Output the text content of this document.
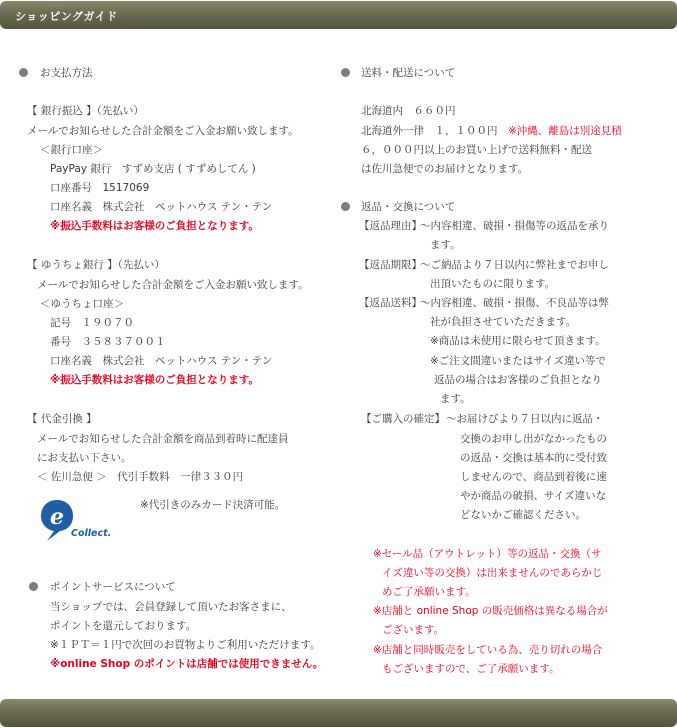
ショッピングガイド
お支払方法
【 銀行振込 】（先払い）
メールでお知らせした合計金額をご入金お願い致します。
＜銀行口座＞
PayPay 銀行　すずめ支店 ( すずめしてん )
口座番号　1517069
口座名義　株式会社　ペットハウス テン・テン
※振込手数料はお客様のご負担となります。
【 ゆうちょ銀行 】（先払い）
メールでお知らせした合計金額をご入金お願い致します。
＜ゆうちょ口座＞
記号　１９０７０
番号　３５８３７００１
口座名義　株式会社　ペットハウス テン・テン
※振込手数料はお客様のご負担となります。
【 代金引換 】
メールでお知らせした合計金額を商品到着時に配達員
にお支払い下さい。
＜ 佐川急便 ＞　代引手数料　一律３３０円
e
Collect.
※代引きのみカード決済可能。
ポイントサービスについて
当ショップでは、会員登録して頂いたお客さまに、
ポイントを還元しております。
※１ＰＴ＝１円で次回のお買物よりご利用いただけます。
※online Shop のポイントは店舗では使用できません。
送料・配送について
北海道内　６６０円
北海道外一律　１，１００円　※沖縄、離島は別途見積
６，０００円以上のお買い上げで送料無料・配送
は佐川急便でのお届けとなります。
返品・交換について
【返品理由】
〜内容相違、破損・損傷等の返品を承り
ます。
【返品期限】
〜ご納品より７日以内に弊社までお申し
出頂いたものに限ります。
【返品送料】
〜内容相違、破損・損傷、不良品等は弊
社が負担させていただきます。
※商品は未使用に限らせて頂きます。
※ご注文間違いまたはサイズ違い等で
返品の場合はお客様のご負担となり
ます。
【ご購入の確定】 〜お届けびより７日以内に返品・
交換のお申し出がなかったもの
の返品・交換は基本的に受付致
しませんので、商品到着後に速
やか商品の破損、サイズ違いな
どないかご確認ください。
※セール品（アウトレット）等の返品・交換（サ
イズ違い等の交換）は出来ませんのであらかじ
めご了承願います。
※店舗と online Shop の販売価格は異なる場合が
ございます。
※店舗と同時販売をしている為、売り切れの場合
もございますので、ご了承願います。
